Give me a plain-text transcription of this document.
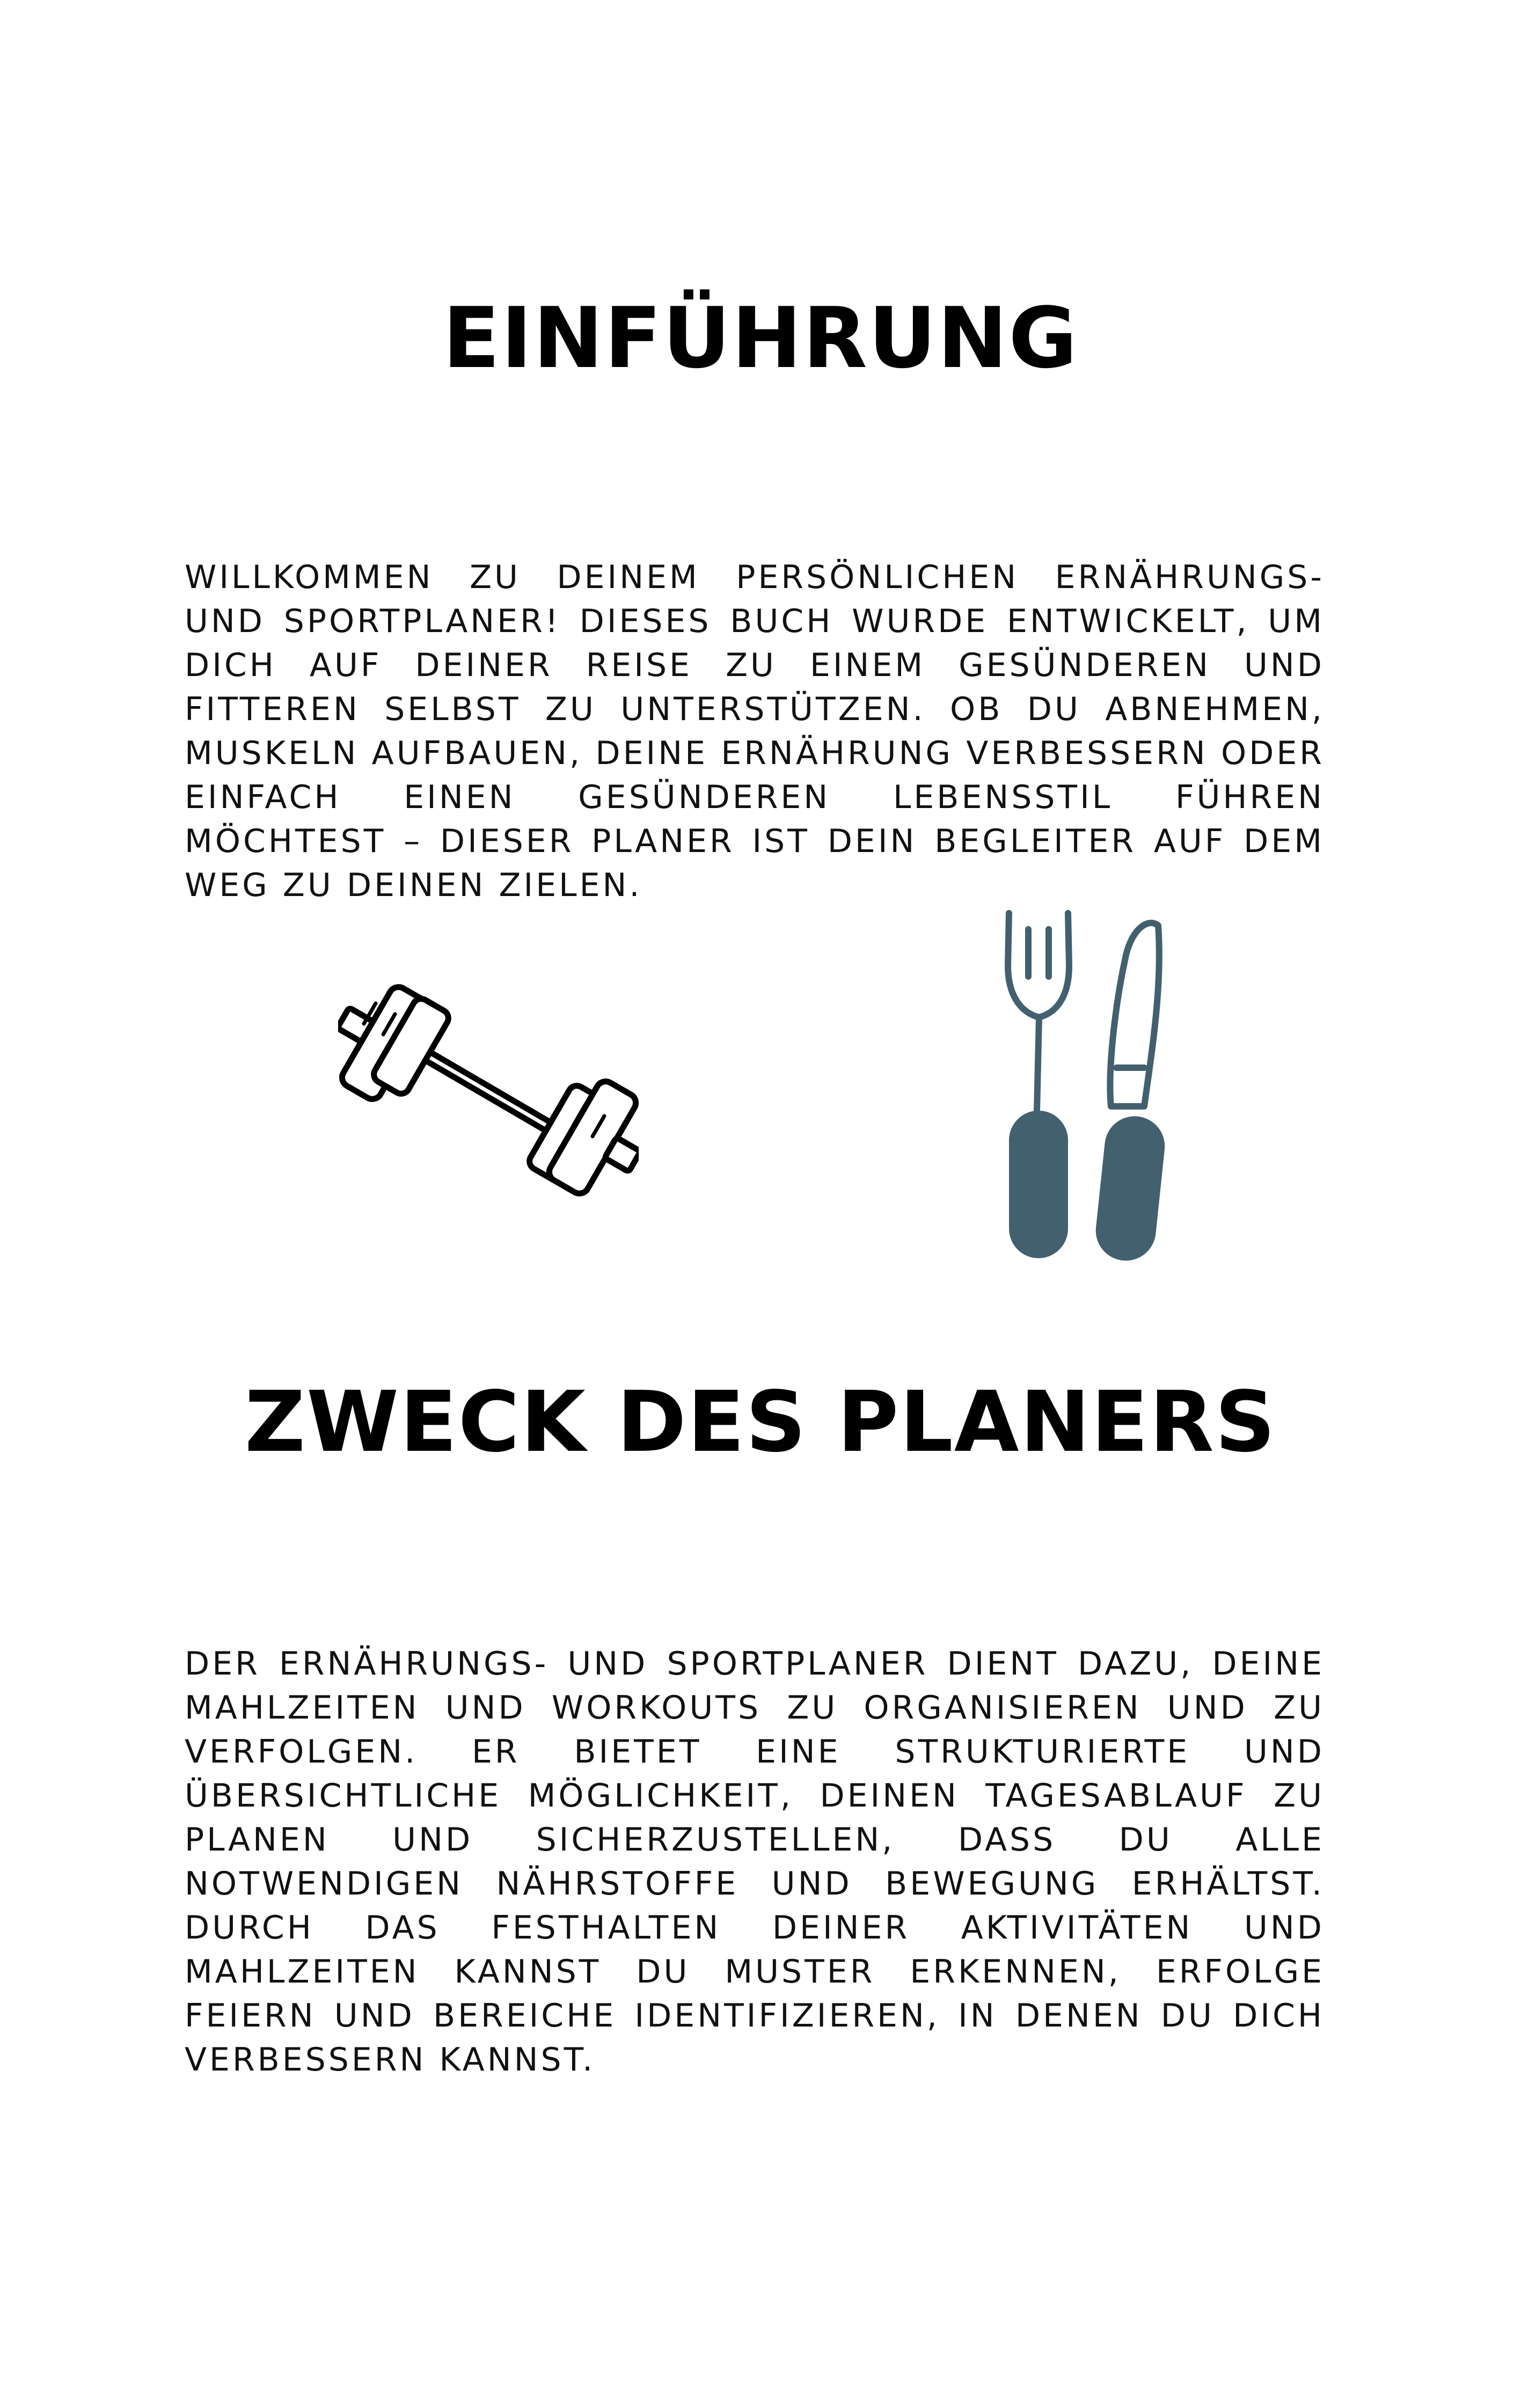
EINFÜHRUNG

WILLKOMMEN ZU DEINEM PERSÖNLICHEN ERNÄHRUNGS- UND SPORTPLANER! DIESES BUCH WURDE ENTWICKELT, UM DICH AUF DEINER REISE ZU EINEM GESÜNDEREN UND FITTEREN SELBST ZU UNTERSTÜTZEN. OB DU ABNEHMEN, MUSKELN AUFBAUEN, DEINE ERNÄHRUNG VERBESSERN ODER EINFACH EINEN GESÜNDEREN LEBENSSTIL FÜHREN MÖCHTEST – DIESER PLANER IST DEIN BEGLEITER AUF DEM WEG ZU DEINEN ZIELEN.

ZWECK DES PLANERS

DER ERNÄHRUNGS- UND SPORTPLANER DIENT DAZU, DEINE MAHLZEITEN UND WORKOUTS ZU ORGANISIEREN UND ZU VERFOLGEN. ER BIETET EINE STRUKTURIERTE UND ÜBERSICHTLICHE MÖGLICHKEIT, DEINEN TAGESABLAUF ZU PLANEN UND SICHERZUSTELLEN, DASS DU ALLE NOTWENDIGEN NÄHRSTOFFE UND BEWEGUNG ERHÄLTST. DURCH DAS FESTHALTEN DEINER AKTIVITÄTEN UND MAHLZEITEN KANNST DU MUSTER ERKENNEN, ERFOLGE FEIERN UND BEREICHE IDENTIFIZIEREN, IN DENEN DU DICH VERBESSERN KANNST.
